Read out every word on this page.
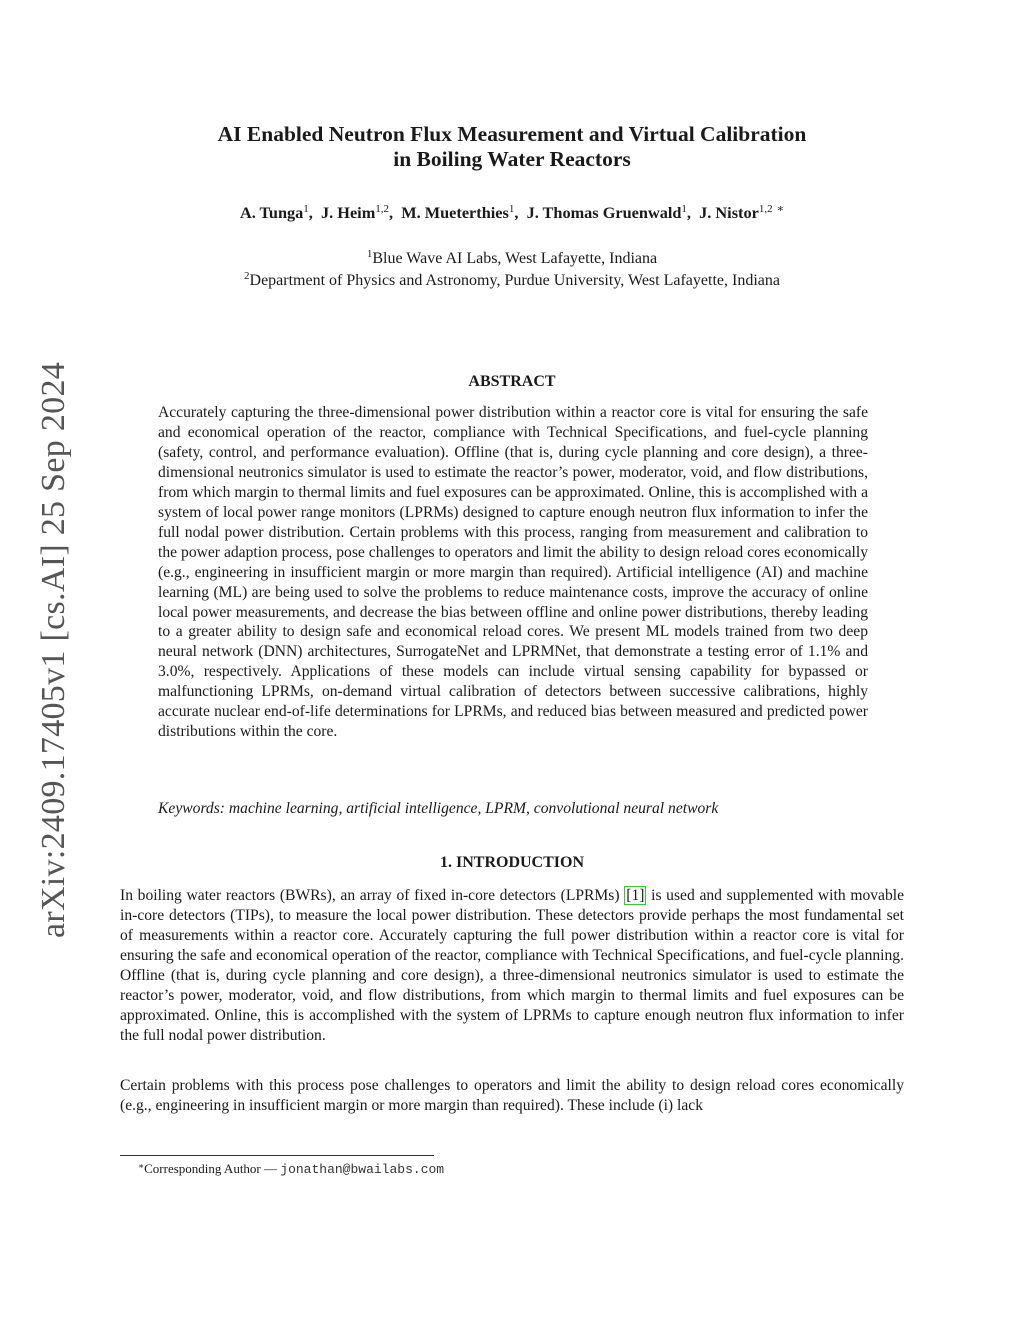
arXiv:2409.17405v1 [cs.AI] 25 Sep 2024
AI Enabled Neutron Flux Measurement and Virtual Calibration
in Boiling Water Reactors
A. Tunga$^1$,  J. Heim$^{1,2}$,  M. Mueterthies$^1$,  J. Thomas Gruenwald$^1$,  J. Nistor$^{1,2}$ ∗
$^1$Blue Wave AI Labs, West Lafayette, Indiana
$^2$Department of Physics and Astronomy, Purdue University, West Lafayette, Indiana
ABSTRACT
Accurately capturing the three-dimensional power distribution within a reactor core is vital for ensuring the safe and economical operation of the reactor, compliance with Technical Specifications, and fuel-cycle planning (safety, control, and performance evaluation). Offline (that is, during cycle planning and core design), a three-dimensional neutronics simulator is used to estimate the reactor’s power, moderator, void, and flow distributions, from which margin to thermal limits and fuel exposures can be approximated. Online, this is accomplished with a system of local power range monitors (LPRMs) designed to capture enough neutron flux information to infer the full nodal power distribution. Certain problems with this process, ranging from measurement and calibration to the power adaption process, pose challenges to operators and limit the ability to design reload cores economically (e.g., engineering in insufficient margin or more margin than required). Artificial intelligence (AI) and machine learning (ML) are being used to solve the problems to reduce maintenance costs, improve the accuracy of online local power measurements, and decrease the bias between offline and online power distributions, thereby leading to a greater ability to design safe and economical reload cores. We present ML models trained from two deep neural network (DNN) architectures, SurrogateNet and LPRMNet, that demonstrate a testing error of 1.1% and 3.0%, respectively. Applications of these models can include virtual sensing capability for bypassed or malfunctioning LPRMs, on-demand virtual calibration of detectors between successive calibrations, highly accurate nuclear end-of-life determinations for LPRMs, and reduced bias between measured and predicted power distributions within the core.
Keywords: machine learning, artificial intelligence, LPRM, convolutional neural network
1. INTRODUCTION
In boiling water reactors (BWRs), an array of fixed in-core detectors (LPRMs) [1] is used and supplemented with movable in-core detectors (TIPs), to measure the local power distribution. These detectors provide perhaps the most fundamental set of measurements within a reactor core. Accurately capturing the full power distribution within a reactor core is vital for ensuring the safe and economical operation of the reactor, compliance with Technical Specifications, and fuel-cycle planning. Offline (that is, during cycle planning and core design), a three-dimensional neutronics simulator is used to estimate the reactor’s power, moderator, void, and flow distributions, from which margin to thermal limits and fuel exposures can be approximated. Online, this is accomplished with the system of LPRMs to capture enough neutron flux information to infer the full nodal power distribution.
Certain problems with this process pose challenges to operators and limit the ability to design reload cores economically (e.g., engineering in insufficient margin or more margin than required). These include (i) lack
∗Corresponding Author — jonathan@bwailabs.com
